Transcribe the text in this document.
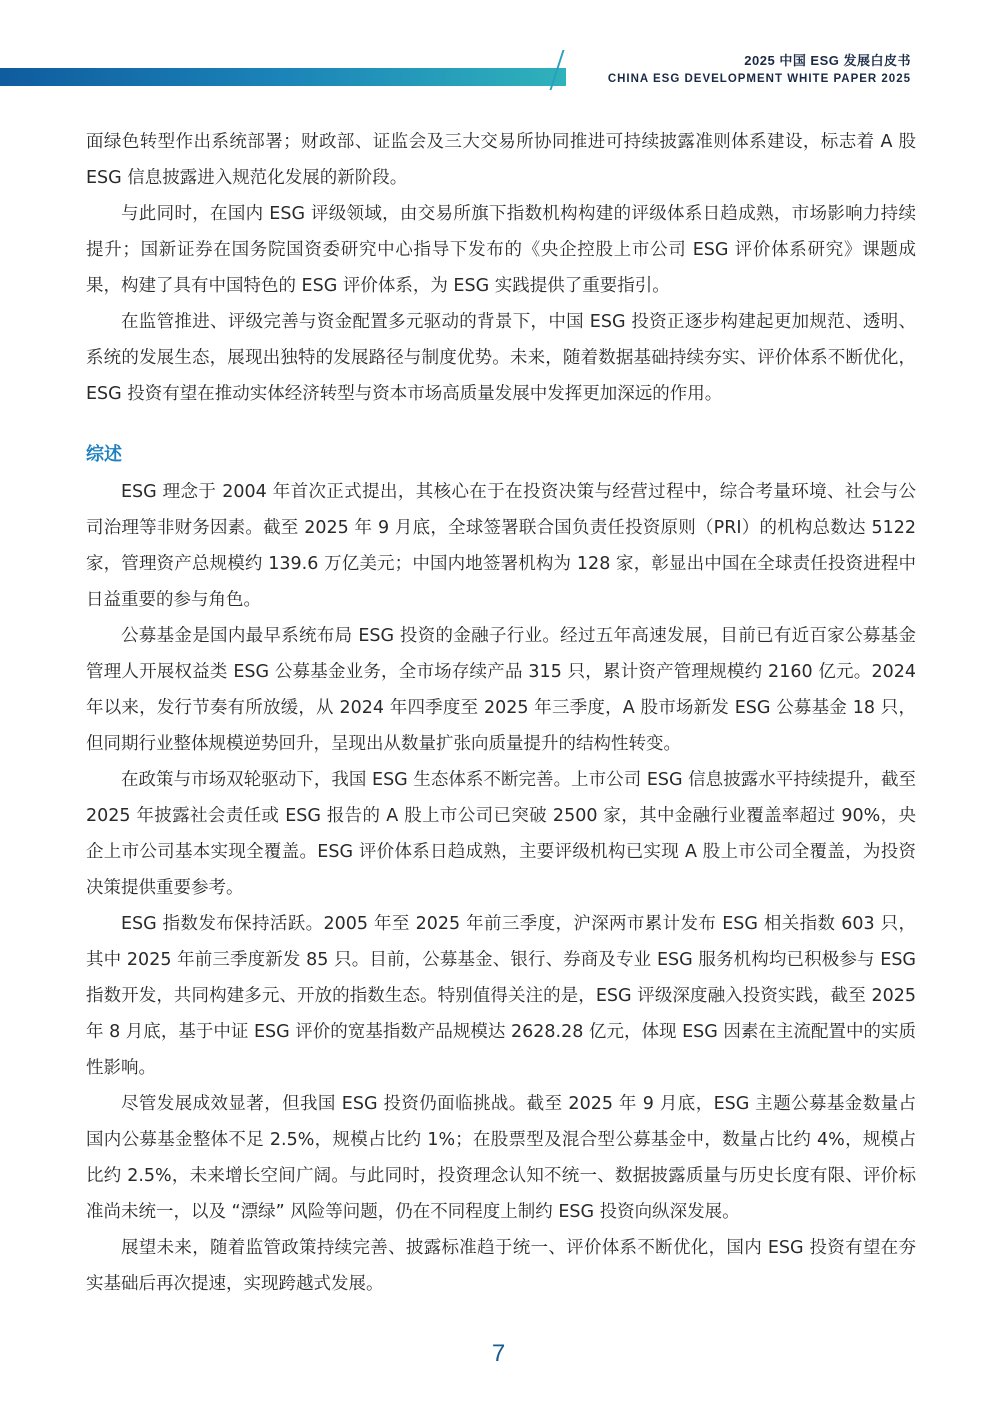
2025 中国 ESG 发展白皮书
CHINA ESG DEVELOPMENT WHITE PAPER 2025

面绿色转型作出系统部署；财政部、证监会及三大交易所协同推进可持续披露准则体系建设，标志着 A 股 ESG 信息披露进入规范化发展的新阶段。

与此同时，在国内 ESG 评级领域，由交易所旗下指数机构构建的评级体系日趋成熟，市场影响力持续提升；国新证券在国务院国资委研究中心指导下发布的《央企控股上市公司 ESG 评价体系研究》课题成果，构建了具有中国特色的 ESG 评价体系，为 ESG 实践提供了重要指引。

在监管推进、评级完善与资金配置多元驱动的背景下，中国 ESG 投资正逐步构建起更加规范、透明、系统的发展生态，展现出独特的发展路径与制度优势。未来，随着数据基础持续夯实、评价体系不断优化，ESG 投资有望在推动实体经济转型与资本市场高质量发展中发挥更加深远的作用。

综述

ESG 理念于 2004 年首次正式提出，其核心在于在投资决策与经营过程中，综合考量环境、社会与公司治理等非财务因素。截至 2025 年 9 月底，全球签署联合国负责任投资原则（PRI）的机构总数达 5122 家，管理资产总规模约 139.6 万亿美元；中国内地签署机构为 128 家，彰显出中国在全球责任投资进程中日益重要的参与角色。

公募基金是国内最早系统布局 ESG 投资的金融子行业。经过五年高速发展，目前已有近百家公募基金管理人开展权益类 ESG 公募基金业务，全市场存续产品 315 只，累计资产管理规模约 2160 亿元。2024 年以来，发行节奏有所放缓，从 2024 年四季度至 2025 年三季度，A 股市场新发 ESG 公募基金 18 只，但同期行业整体规模逆势回升，呈现出从数量扩张向质量提升的结构性转变。

在政策与市场双轮驱动下，我国 ESG 生态体系不断完善。上市公司 ESG 信息披露水平持续提升，截至 2025 年披露社会责任或 ESG 报告的 A 股上市公司已突破 2500 家，其中金融行业覆盖率超过 90%，央企上市公司基本实现全覆盖。ESG 评价体系日趋成熟，主要评级机构已实现 A 股上市公司全覆盖，为投资决策提供重要参考。

ESG 指数发布保持活跃。2005 年至 2025 年前三季度，沪深两市累计发布 ESG 相关指数 603 只，其中 2025 年前三季度新发 85 只。目前，公募基金、银行、券商及专业 ESG 服务机构均已积极参与 ESG 指数开发，共同构建多元、开放的指数生态。特别值得关注的是，ESG 评级深度融入投资实践，截至 2025 年 8 月底，基于中证 ESG 评价的宽基指数产品规模达 2628.28 亿元，体现 ESG 因素在主流配置中的实质性影响。

尽管发展成效显著，但我国 ESG 投资仍面临挑战。截至 2025 年 9 月底，ESG 主题公募基金数量占国内公募基金整体不足 2.5%，规模占比约 1%；在股票型及混合型公募基金中，数量占比约 4%，规模占比约 2.5%，未来增长空间广阔。与此同时，投资理念认知不统一、数据披露质量与历史长度有限、评价标准尚未统一，以及 “漂绿” 风险等问题，仍在不同程度上制约 ESG 投资向纵深发展。

展望未来，随着监管政策持续完善、披露标准趋于统一、评价体系不断优化，国内 ESG 投资有望在夯实基础后再次提速，实现跨越式发展。

7
